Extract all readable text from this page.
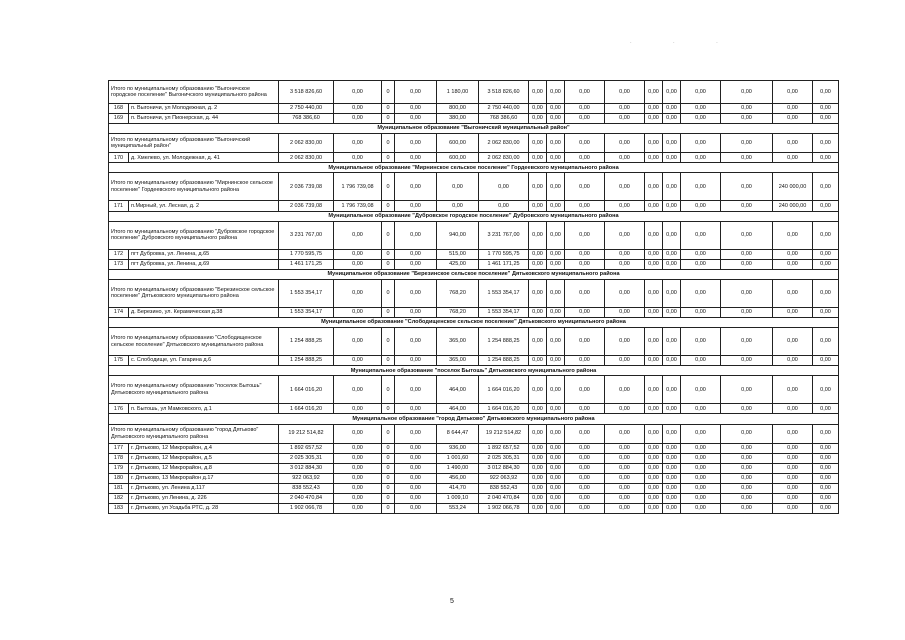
· · ·
Итого по муниципальному образованию "Выгоничское городское поселение" Выгоничского муниципального района		3 518 826,60	0,00	0	0,00	1 180,00	3 518 826,60	0,00	0,00	0,00	0,00	0,00	0,00	0,00	0,00	0,00	0,00
168	п. Выгоничи, ул Молодежная, д. 2	2 750 440,00	0,00	0	0,00	800,00	2 750 440,00	0,00	0,00	0,00	0,00	0,00	0,00	0,00	0,00	0,00	0,00
169	п. Выгоничи, ул Пионерская, д. 44	768 386,60	0,00	0	0,00	380,00	768 386,60	0,00	0,00	0,00	0,00	0,00	0,00	0,00	0,00	0,00	0,00
Муниципальное образование "Выгоничский муниципальный район"																	
Итого по муниципальному образованию "Выгоничский муниципальный район"		2 062 830,00	0,00	0	0,00	600,00	2 062 830,00	0,00	0,00	0,00	0,00	0,00	0,00	0,00	0,00	0,00	0,00
170	д. Хмелево, ул. Молодежная, д. 41	2 062 830,00	0,00	0	0,00	600,00	2 062 830,00	0,00	0,00	0,00	0,00	0,00	0,00	0,00	0,00	0,00	0,00
Муниципальное образование "Мирнинское сельское поселение" Гордеевского муниципального района																	
Итого по муниципальному образованию "Мирнинское сельское поселение" Гордеевского муниципального района		2 036 739,08	1 796 739,08	0	0,00	0,00	0,00	0,00	0,00	0,00	0,00	0,00	0,00	0,00	0,00	240 000,00	0,00
171	п.Мирный, ул. Лесная, д. 2	2 036 739,08	1 796 739,08	0	0,00	0,00	0,00	0,00	0,00	0,00	0,00	0,00	0,00	0,00	0,00	240 000,00	0,00
Муниципальное образование "Дубровское городское поселение" Дубровского муниципального района																	
Итого по муниципальному образованию "Дубровское городское поселение" Дубровского муниципального района		3 231 767,00	0,00	0	0,00	940,00	3 231 767,00	0,00	0,00	0,00	0,00	0,00	0,00	0,00	0,00	0,00	0,00
172	пгт Дубровка, ул. Ленина, д.65	1 770 595,75	0,00	0	0,00	515,00	1 770 595,75	0,00	0,00	0,00	0,00	0,00	0,00	0,00	0,00	0,00	0,00
173	пгт Дубровка, ул. Ленина, д.69	1 461 171,25	0,00	0	0,00	425,00	1 461 171,25	0,00	0,00	0,00	0,00	0,00	0,00	0,00	0,00	0,00	0,00
Муниципальное образование "Березинское сельское поселение" Дятьковского муниципального района																	
Итого по муниципальному образованию "Березинское сельское поселение" Дятьковского муниципального района		1 553 354,17	0,00	0	0,00	768,20	1 553 354,17	0,00	0,00	0,00	0,00	0,00	0,00	0,00	0,00	0,00	0,00
174	д. Березино, ул. Керамическая д.38	1 553 354,17	0,00	0	0,00	768,20	1 553 354,17	0,00	0,00	0,00	0,00	0,00	0,00	0,00	0,00	0,00	0,00
Муниципальное образование "Слободищенское сельское поселение" Дятьковского муниципального района																	
Итого по муниципальному образованию "Слободищенское сельское поселение" Дятьковского муниципального района		1 254 888,25	0,00	0	0,00	365,00	1 254 888,25	0,00	0,00	0,00	0,00	0,00	0,00	0,00	0,00	0,00	0,00
175	с. Слободище, ул. Гагарина д.6	1 254 888,25	0,00	0	0,00	365,00	1 254 888,25	0,00	0,00	0,00	0,00	0,00	0,00	0,00	0,00	0,00	0,00
Муниципальное образование "поселок Бытошь" Дятьковского муниципального района																	
Итого по муниципальному образованию "поселок Бытошь" Дятьковского муниципального района		1 664 016,20	0,00	0	0,00	464,00	1 664 016,20	0,00	0,00	0,00	0,00	0,00	0,00	0,00	0,00	0,00	0,00
176	п. Бытошь, ул Мамковского, д.1	1 664 016,20	0,00	0	0,00	464,00	1 664 016,20	0,00	0,00	0,00	0,00	0,00	0,00	0,00	0,00	0,00	0,00
Муниципальное образование "город Дятьково" Дятьковского муниципального района																	
Итого по муниципальному образованию "город Дятьково" Дятьковского муниципального района		19 212 514,82	0,00	0	0,00	8 644,47	19 212 514,82	0,00	0,00	0,00	0,00	0,00	0,00	0,00	0,00	0,00	0,00
177	г. Дятьково, 12 Микрорайон, д.4	1 892 657,52	0,00	0	0,00	936,00	1 892 657,52	0,00	0,00	0,00	0,00	0,00	0,00	0,00	0,00	0,00	0,00
178	г. Дятьково, 12 Микрорайон, д.5	2 025 305,31	0,00	0	0,00	1 001,60	2 025 305,31	0,00	0,00	0,00	0,00	0,00	0,00	0,00	0,00	0,00	0,00
179	г. Дятьково, 12 Микрорайон, д.8	3 012 884,30	0,00	0	0,00	1 490,00	3 012 884,30	0,00	0,00	0,00	0,00	0,00	0,00	0,00	0,00	0,00	0,00
180	г. Дятьково, 13 Микрорайон д.17	922 063,92	0,00	0	0,00	456,00	922 063,92	0,00	0,00	0,00	0,00	0,00	0,00	0,00	0,00	0,00	0,00
181	г. Дятьково, ул. Ленина д.117	838 552,43	0,00	0	0,00	414,70	838 552,43	0,00	0,00	0,00	0,00	0,00	0,00	0,00	0,00	0,00	0,00
182	г. Дятьково, ул Ленина, д. 226	2 040 470,84	0,00	0	0,00	1 009,10	2 040 470,84	0,00	0,00	0,00	0,00	0,00	0,00	0,00	0,00	0,00	0,00
183	г. Дятьково, ул Усадьба РТС, д. 28	1 902 066,78	0,00	0	0,00	553,24	1 902 066,78	0,00	0,00	0,00	0,00	0,00	0,00	0,00	0,00	0,00	0,00
5
